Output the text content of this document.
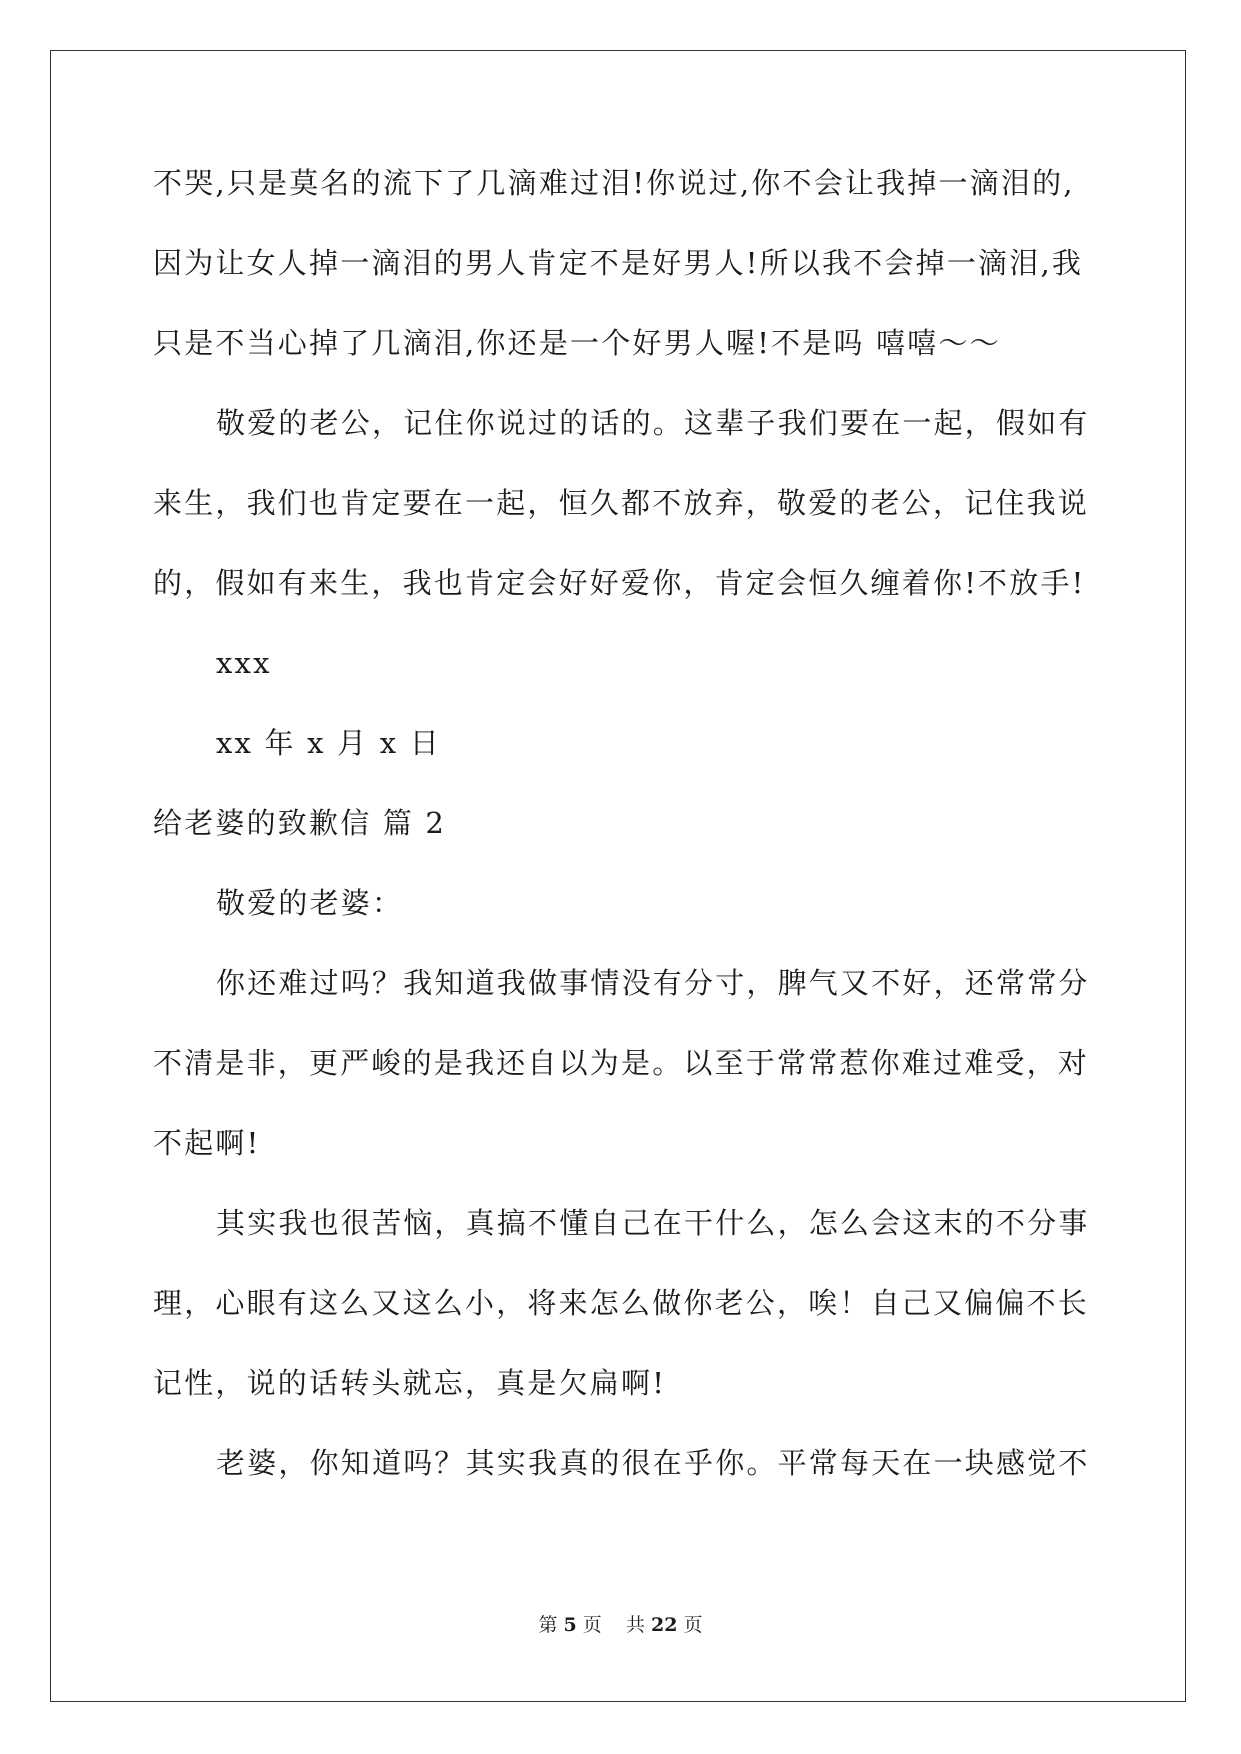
不哭,只是莫名的流下了几滴难过泪!你说过,你不会让我掉一滴泪的,
因为让女人掉一滴泪的男人肯定不是好男人!所以我不会掉一滴泪,我
只是不当心掉了几滴泪,你还是一个好男人喔!不是吗 嘻嘻～～
敬爱的老公，记住你说过的话的。这辈子我们要在一起，假如有
来生，我们也肯定要在一起，恒久都不放弃，敬爱的老公，记住我说
的，假如有来生，我也肯定会好好爱你，肯定会恒久缠着你!不放手!
xxx
xx 年 x 月 x 日
给老婆的致歉信 篇 2
敬爱的老婆：
你还难过吗？我知道我做事情没有分寸，脾气又不好，还常常分
不清是非，更严峻的是我还自以为是。以至于常常惹你难过难受，对
不起啊!
其实我也很苦恼，真搞不懂自己在干什么，怎么会这末的不分事
理，心眼有这么又这么小，将来怎么做你老公，唉！自己又偏偏不长
记性，说的话转头就忘，真是欠扁啊!
老婆，你知道吗？其实我真的很在乎你。平常每天在一块感觉不
第 5 页 共 22 页
